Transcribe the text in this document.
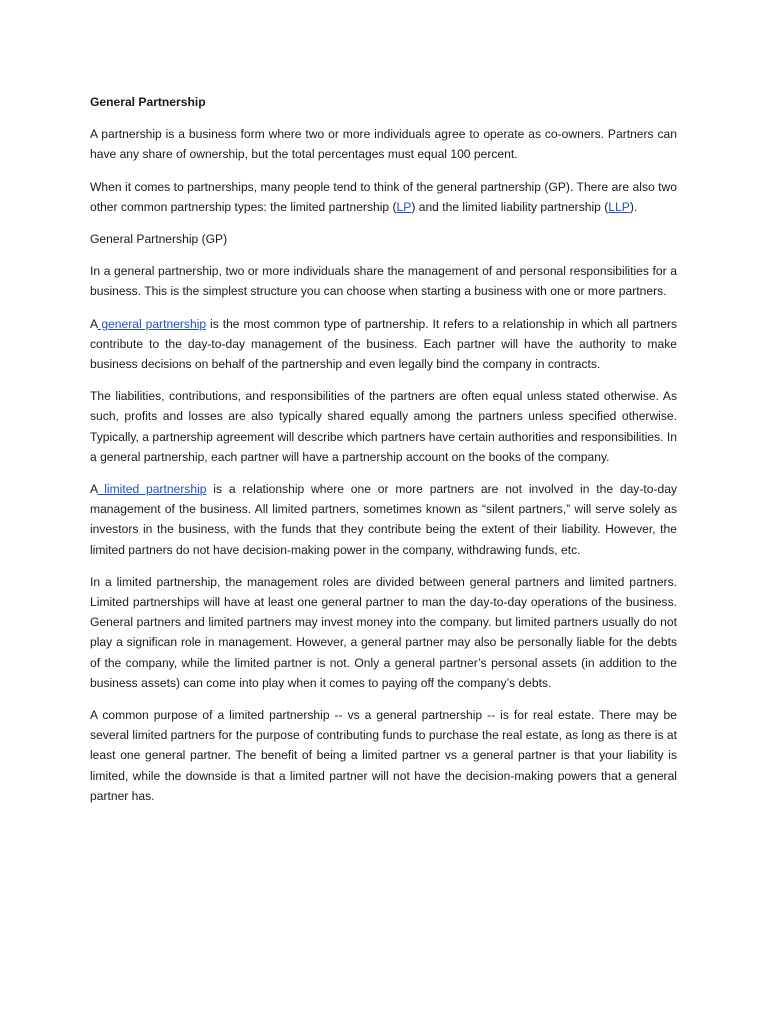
General Partnership

A partnership is a business form where two or more individuals agree to operate as co-owners. Partners can have any share of ownership, but the total percentages must equal 100 percent.

When it comes to partnerships, many people tend to think of the general partnership (GP). There are also two other common partnership types: the limited partnership (LP) and the limited liability partnership (LLP).

General Partnership (GP)

In a general partnership, two or more individuals share the management of and personal responsibilities for a business. This is the simplest structure you can choose when starting a business with one or more partners.

A general partnership is the most common type of partnership. It refers to a relationship in which all partners contribute to the day-to-day management of the business. Each partner will have the authority to make business decisions on behalf of the partnership and even legally bind the company in contracts.

The liabilities, contributions, and responsibilities of the partners are often equal unless stated otherwise. As such, profits and losses are also typically shared equally among the partners unless specified otherwise. Typically, a partnership agreement will describe which partners have certain authorities and responsibilities. In a general partnership, each partner will have a partnership account on the books of the company.

A limited partnership is a relationship where one or more partners are not involved in the day-to-day management of the business. All limited partners, sometimes known as “silent partners,” will serve solely as investors in the business, with the funds that they contribute being the extent of their liability. However, the limited partners do not have decision-making power in the company, withdrawing funds, etc.

In a limited partnership, the management roles are divided between general partners and limited partners. Limited partnerships will have at least one general partner to man the day-to-day operations of the business. General partners and limited partners may invest money into the company. but limited partners usually do not play a significan role in management. However, a general partner may also be personally liable for the debts of the company, while the limited partner is not. Only a general partner’s personal assets (in addition to the business assets) can come into play when it comes to paying off the company’s debts.

A common purpose of a limited partnership -- vs a general partnership -- is for real estate. There may be several limited partners for the purpose of contributing funds to purchase the real estate, as long as there is at least one general partner. The benefit of being a limited partner vs a general partner is that your liability is limited, while the downside is that a limited partner will not have the decision-making powers that a general partner has.
